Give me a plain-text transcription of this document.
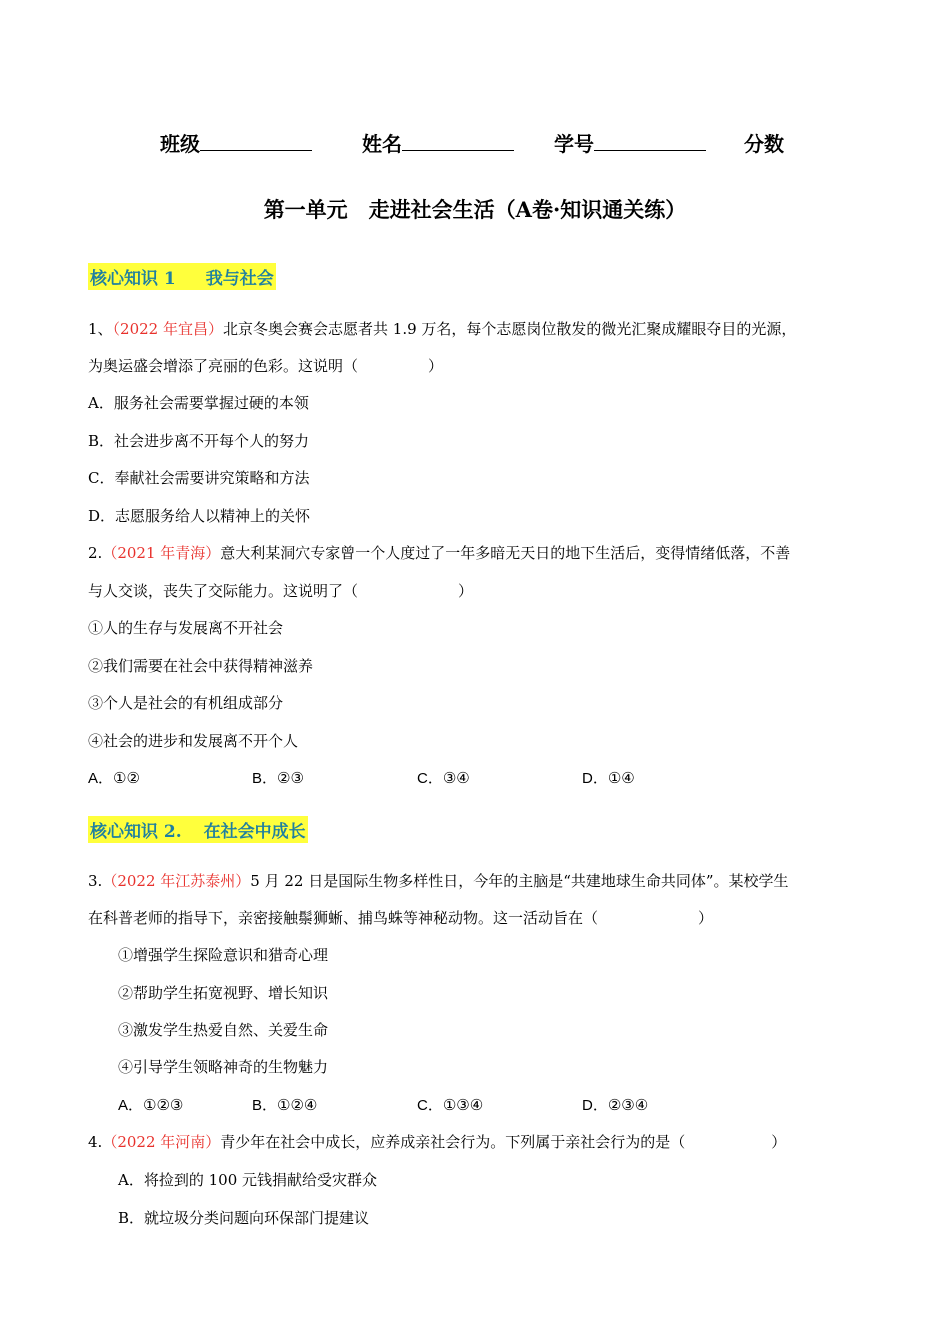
班级	姓名	学号	分数
第一单元　走进社会生活（A卷·知识通关练）
核心知识 1 我与社会
1、（2022 年宜昌）北京冬奥会赛会志愿者共 1.9 万名，每个志愿岗位散发的微光汇聚成耀眼夺目的光源，
为奥运盛会增添了亮丽的色彩。这说明（	）
A．服务社会需要掌握过硬的本领
B．社会进步离不开每个人的努力
C．奉献社会需要讲究策略和方法
D．志愿服务给人以精神上的关怀
2.（2021 年青海）意大利某洞穴专家曾一个人度过了一年多暗无天日的地下生活后，变得情绪低落，不善
与人交谈，丧失了交际能力。这说明了（	）
①人的生存与发展离不开社会
②我们需要在社会中获得精神滋养
③个人是社会的有机组成部分
④社会的进步和发展离不开个人
A．①②	B．②③	C．③④	D．①④
核心知识 2. 在社会中成长
3.（2022 年江苏泰州）5 月 22 日是国际生物多样性日，今年的主脑是“共建地球生命共同体”。某校学生
在科普老师的指导下，亲密接触鬃狮蜥、捕鸟蛛等神秘动物。这一活动旨在（	）
①增强学生探险意识和猎奇心理
②帮助学生拓宽视野、增长知识
③激发学生热爱自然、关爱生命
④引导学生领略神奇的生物魅力
A．①②③	B．①②④	C．①③④	D．②③④
4.（2022 年河南）青少年在社会中成长，应养成亲社会行为。下列属于亲社会行为的是（	）
A．将捡到的 100 元钱捐献给受灾群众
B．就垃圾分类问题向环保部门提建议
